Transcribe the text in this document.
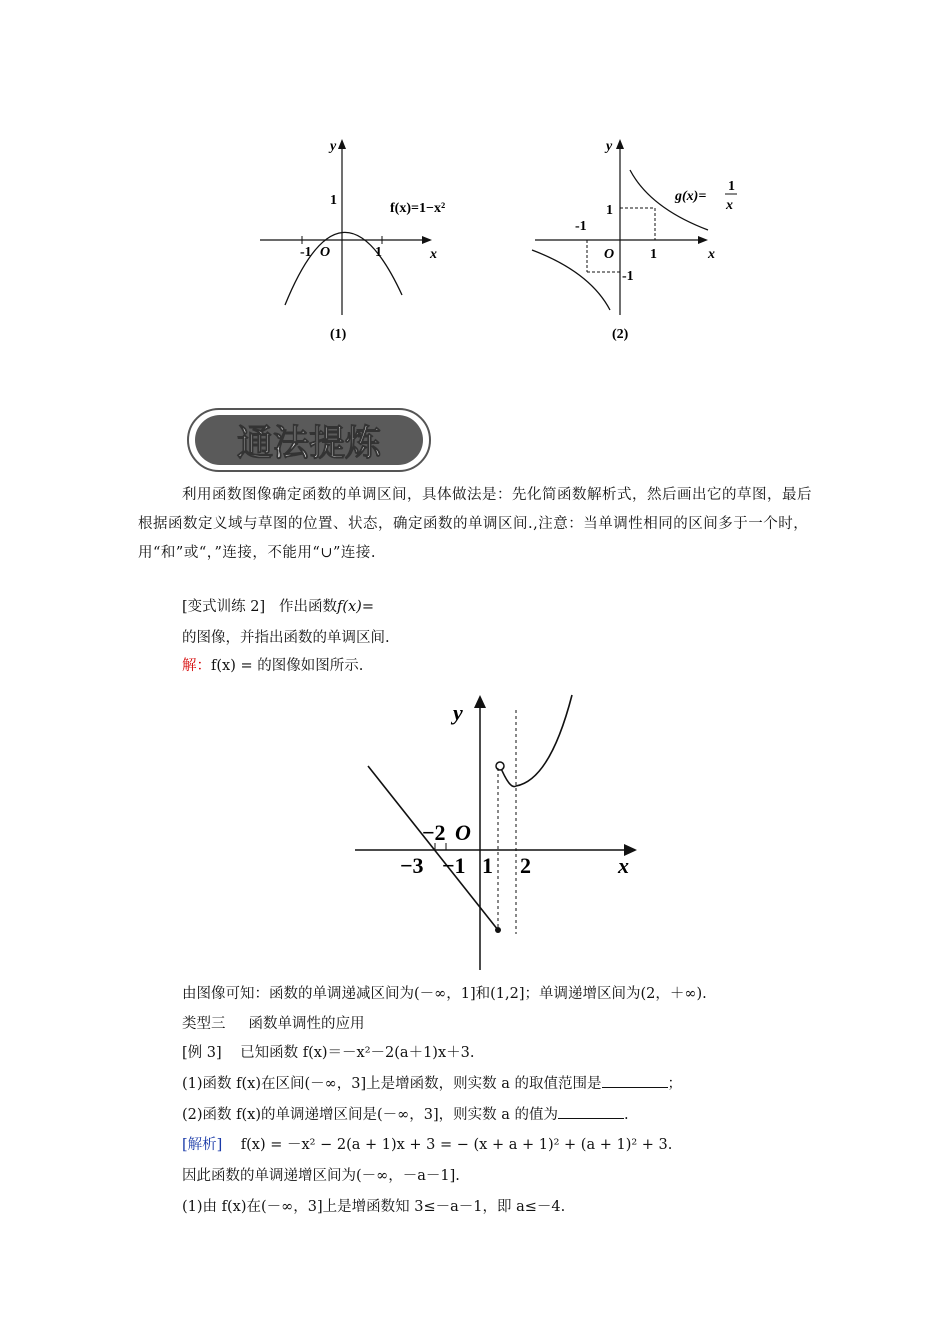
y
x
O
1
-1	1
f(x)=1−x²
(1)
y
x
O
-1
1
1
-1
g(x)=
1
x
(2)
通法提炼
利用函数图像确定函数的单调区间，具体做法是：先化简函数解析式，然后画出它的草图，最后根据函数定义域与草图的位置、状态，确定函数的单调区间.,注意：当单调性相同的区间多于一个时，用“和”或“，”连接，不能用“∪”连接.
[变式训练 2] 作出函数f(x)=
的图像，并指出函数的单调区间.
解：f(x) = 的图像如图所示.
y
x
O
−2
−3 −1 1 2
由图像可知：函数的单调递减区间为(－∞，1]和(1,2]；单调递增区间为(2，＋∞).
类型三 函数单调性的应用
[例 3] 已知函数 f(x)＝－x²－2(a＋1)x＋3.
(1)函数 f(x)在区间(－∞，3]上是增函数，则实数 a 的取值范围是	；
(2)函数 f(x)的单调递增区间是(－∞，3]，则实数 a 的值为	.
[解析] f(x) = －x² − 2(a + 1)x + 3 = − (x + a + 1)² + (a + 1)² + 3.
因此函数的单调递增区间为(－∞，－a－1].
(1)由 f(x)在(－∞，3]上是增函数知 3≤－a－1，即 a≤－4.
